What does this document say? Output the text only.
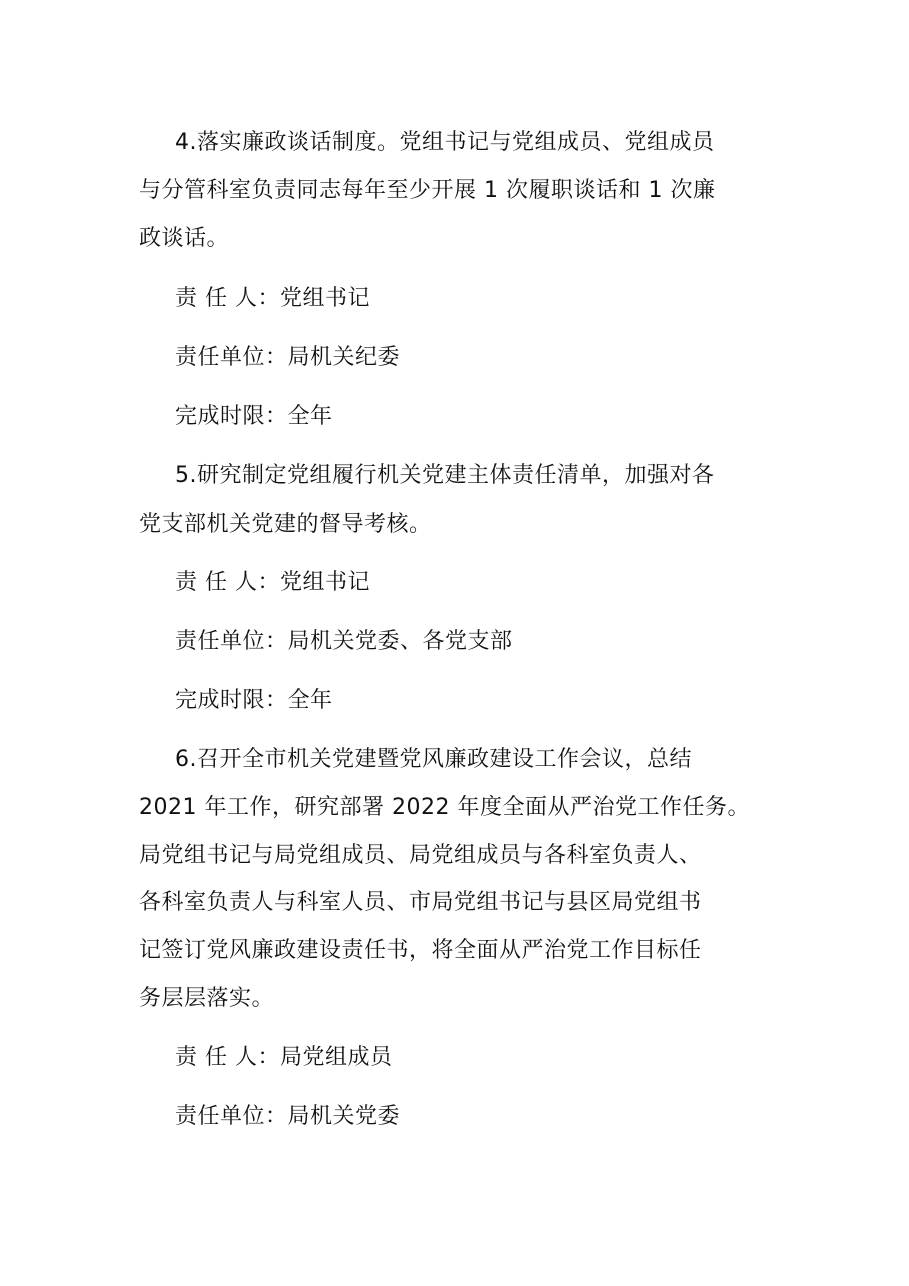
4.落实廉政谈话制度。党组书记与党组成员、党组成员
与分管科室负责同志每年至少开展 1 次履职谈话和 1 次廉
政谈话。
责 任 人：党组书记
责任单位：局机关纪委
完成时限：全年
5.研究制定党组履行机关党建主体责任清单，加强对各
党支部机关党建的督导考核。
责 任 人：党组书记
责任单位：局机关党委、各党支部
完成时限：全年
6.召开全市机关党建暨党风廉政建设工作会议，总结
2021 年工作，研究部署 2022 年度全面从严治党工作任务。
局党组书记与局党组成员、局党组成员与各科室负责人、
各科室负责人与科室人员、市局党组书记与县区局党组书
记签订党风廉政建设责任书，将全面从严治党工作目标任
务层层落实。
责 任 人：局党组成员
责任单位：局机关党委
